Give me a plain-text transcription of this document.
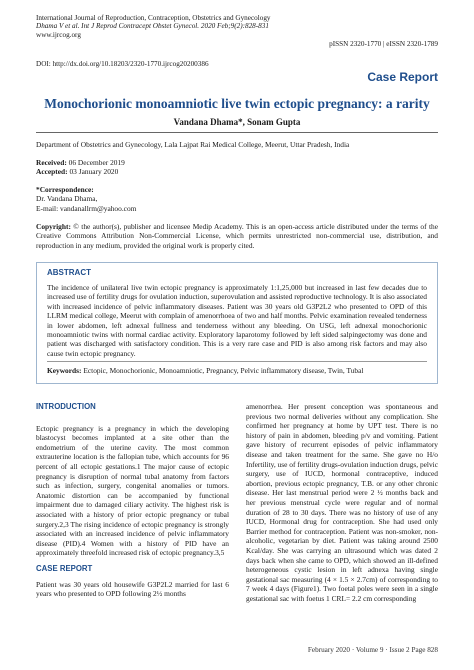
International Journal of Reproduction, Contraception, Obstetrics and Gynecology
Dhama V et al. Int J Reprod Contracept Obstet Gynecol. 2020 Feb;9(2):828-831
www.ijrcog.org
pISSN 2320-1770 | eISSN 2320-1789
DOI: http://dx.doi.org/10.18203/2320-1770.ijrcog20200386
Case Report
Monochorionic monoamniotic live twin ectopic pregnancy: a rarity
Vandana Dhama*, Sonam Gupta
Department of Obstetrics and Gynecology, Lala Lajpat Rai Medical College, Meerut, Uttar Pradesh, India
Received: 06 December 2019
Accepted: 03 January 2020
*Correspondence:
Dr. Vandana Dhama,
E-mail: vandanallrm@yahoo.com
Copyright: © the author(s), publisher and licensee Medip Academy. This is an open-access article distributed under the terms of the Creative Commons Attribution Non-Commercial License, which permits unrestricted non-commercial use, distribution, and reproduction in any medium, provided the original work is properly cited.
ABSTRACT
The incidence of unilateral live twin ectopic pregnancy is approximately 1:1,25,000 but increased in last few decades due to increased use of fertility drugs for ovulation induction, superovulation and assisted reproductive technology. It is also associated with increased incidence of pelvic inflammatory diseases. Patient was 30 years old G3P2L2 who presented to OPD of this LLRM medical college, Meerut with complain of amenorrhoea of two and half months. Pelvic examination revealed tenderness in lower abdomen, left adnexal fullness and tenderness without any bleeding. On USG, left adnexal monochorionic monoamniotic twins with normal cardiac activity. Exploratory laparotomy followed by left sided salpingectomy was done and patient was discharged with satisfactory condition. This is a very rare case and PID is also among risk factors and may also cause twin ectopic pregnancy.
Keywords: Ectopic, Monochorionic, Monoamniotic, Pregnancy, Pelvic inflammatory disease, Twin, Tubal
INTRODUCTION

Ectopic pregnancy is a pregnancy in which the developing blastocyst becomes implanted at a site other than the endometrium of the uterine cavity. The most common extrauterine location is the fallopian tube, which accounts for 96 percent of all ectopic gestations.1 The major cause of ectopic pregnancy is disruption of normal tubal anatomy from factors such as infection, surgery, congenital anomalies or tumors. Anatomic distortion can be accompanied by functional impairment due to damaged ciliary activity. The highest risk is associated with a history of prior ectopic pregnancy or tubal surgery.2,3 The rising incidence of ectopic pregnancy is strongly associated with an increased incidence of pelvic inflammatory disease (PID).4 Women with a history of PID have an approximately threefold increased risk of ectopic pregnancy.3,5

CASE REPORT

Patient was 30 years old housewife G3P2L2 married for last 6 years who presented to OPD following 2½ months

amenorrhea. Her present conception was spontaneous and previous two normal deliveries without any complication. She confirmed her pregnancy at home by UPT test. There is no history of pain in abdomen, bleeding p/v and vomiting. Patient gave history of recurrent episodes of pelvic inflammatory disease and taken treatment for the same. She gave no H/o Infertility, use of fertility drugs-ovulation induction drugs, pelvic surgery, use of IUCD, hormonal contraceptive, induced abortion, previous ectopic pregnancy, T.B. or any other chronic disease. Her last menstrual period were 2 ½ months back and her previous menstrual cycle were regular and of normal duration of 28 to 30 days. There was no history of use of any IUCD, Hormonal drug for contraception. She had used only Barrier method for contraception. Patient was non-smoker, non-alcoholic, vegetarian by diet. Patient was taking around 2500 Kcal/day. She was carrying an ultrasound which was dated 2 days back when she came to OPD, which showed an ill-defined heterogeneous cystic lesion in left adnexa having single gestational sac measuring (4 × 1.5 × 2.7cm) of corresponding to 7 week 4 days (Figure1). Two foetal poles were seen in a single gestational sac with foetus 1 CRL= 2.2 cm corresponding

February 2020 · Volume 9 · Issue 2 Page 828
